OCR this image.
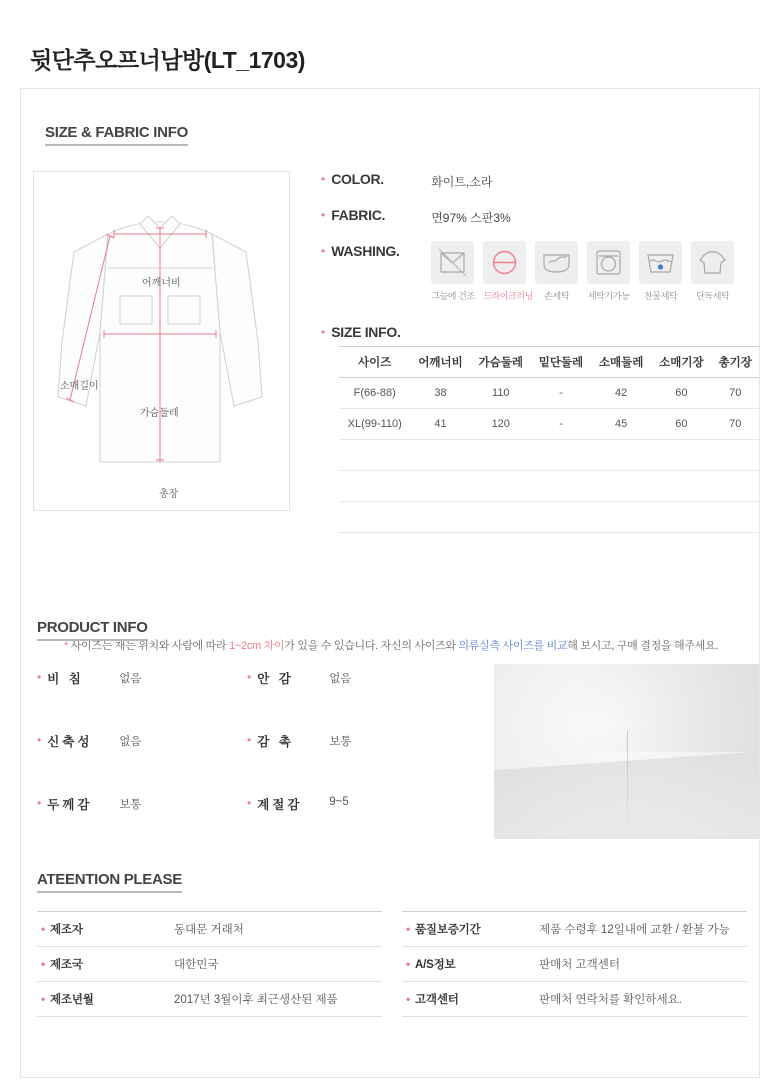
뒷단추오프너남방(LT_1703)
SIZE & FABRIC INFO
어깨너비
소매길이
가슴둘레
총장
• COLOR.	화이트,소라
• FABRIC.	면97% 스판3%
• WASHING.
그늘에 건조 드라이크리닝	손세탁	세탁기가능	찬물세탁	단독세탁
• SIZE INFO.
사이즈	어깨너비	가슴둘레	밑단둘레	소매둘레	소매기장	총기장
F(66-88)	38	110	-	42	60	70
XL(99-110)	41	120	-	45	60	70

* 사이즈는 재는 위치와 사람에 따라 1~2cm 차이가 있을 수 있습니다. 자신의 사이즈와 의류실측 사이즈를 비교해 보시고, 구매 결정을 해주세요.
PRODUCT INFO
• 비 침	없음	• 안 감	없음
• 신축성	없음	• 감 촉	보통
• 두께감	보통	• 계절감	9~5
ATEENTION PLEASE
• 제조자	동대문 거래처
• 제조국	대한민국
• 제조년월	2017년 3월이후 최근생산된 제품
• 품질보증기간	제품 수령후 12일내에 교환 / 환불 가능
• A/S정보	판매처 고객센터
• 고객센터	판매처 연락처를 확인하세요.
